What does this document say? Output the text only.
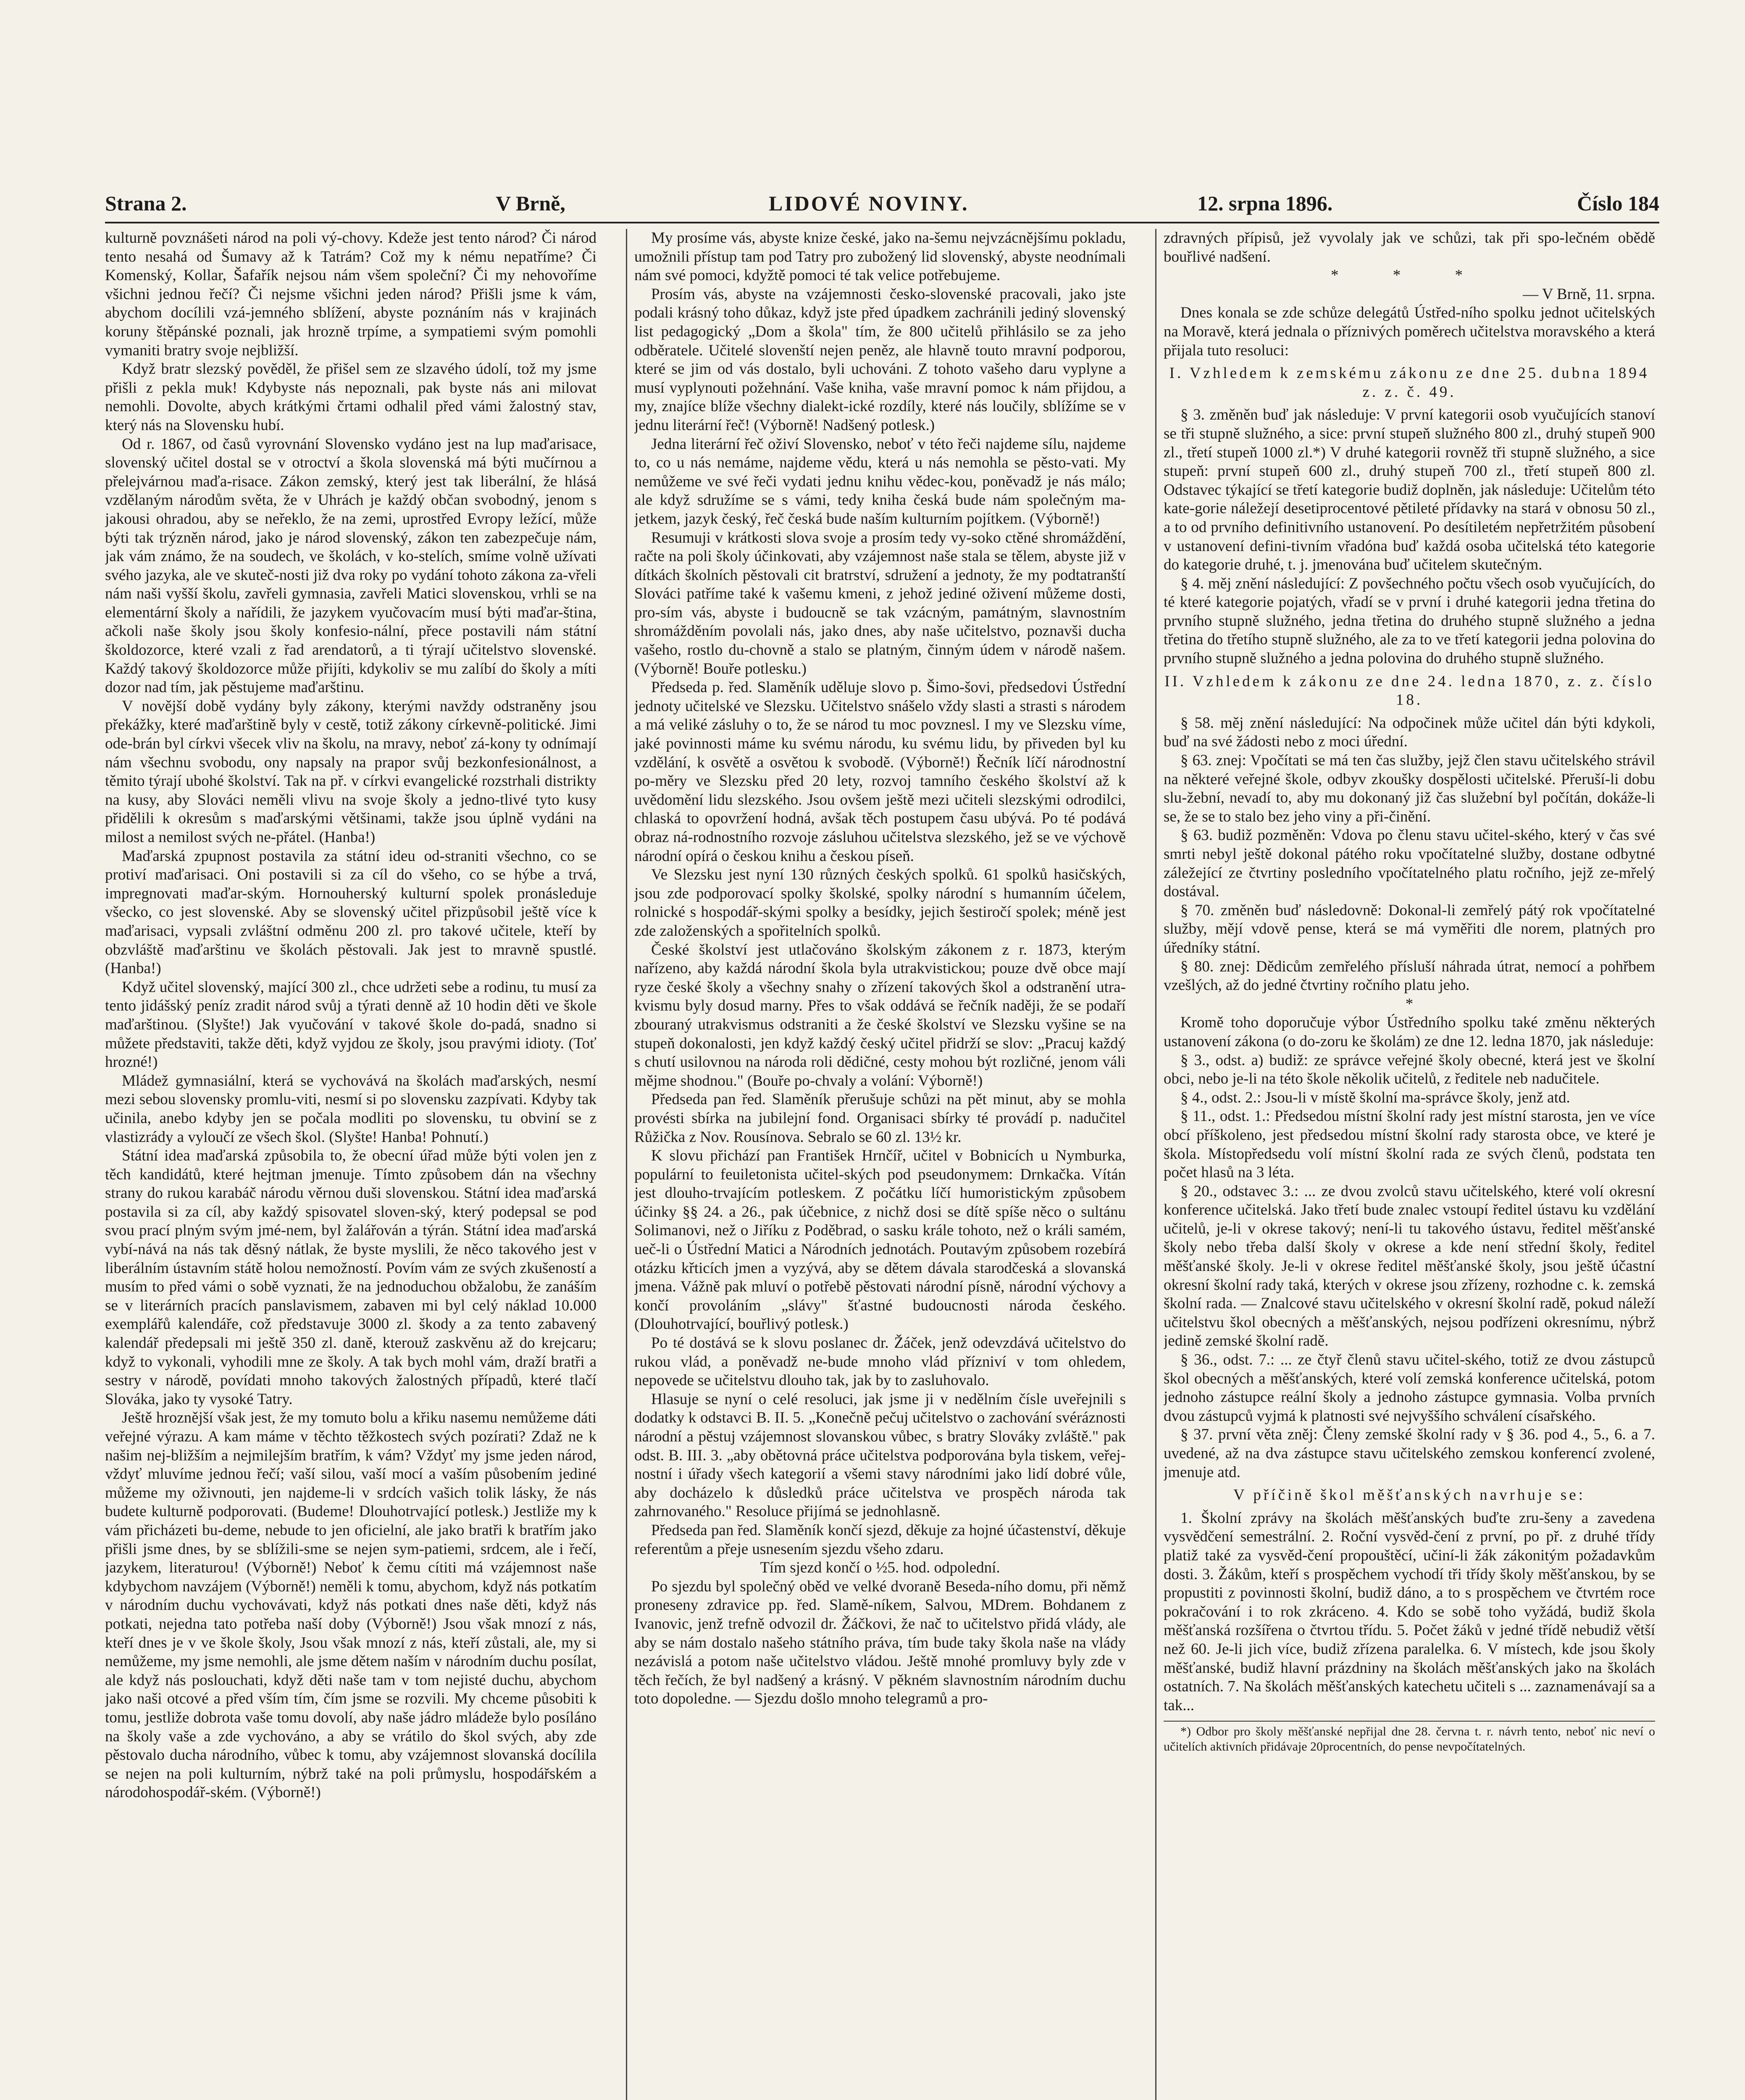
Strana 2.	V Brně,	LIDOVÉ NOVINY.	12. srpna 1896.	Číslo 184

kulturně povznášeti národ na poli vý-chovy. Kdeže jest tento národ? Či národ tento nesahá od Šumavy až k Tatrám? Což my k nému nepatříme? Či Komenský, Kollar, Šafařík nejsou nám všem společní? Či my nehovoříme všichni jednou řečí? Či nejsme všichni jeden národ? Přišli jsme k vám, abychom docílili vzá-jemného sblížení, abyste poznáním nás v krajinách koruny štěpánské poznali, jak hrozně trpíme, a sympatiemi svým pomohli vymaniti bratry svoje nejbližší.

Když bratr slezský pověděl, že přišel sem ze slzavého údolí, tož my jsme přišli z pekla muk! Kdybyste nás nepoznali, pak byste nás ani milovat nemohli. Dovolte, abych krátkými črtami odhalil před vámi žalostný stav, který nás na Slovensku hubí.

Od r. 1867, od časů vyrovnání Slovensko vydáno jest na lup maďarisace, slovenský učitel dostal se v otroctví a škola slovenská má býti mučírnou a přelejvárnou maďa-risace. Zákon zemský, který jest tak liberální, že hlásá vzdělaným národům světa, že v Uhrách je každý občan svobodný, jenom s jakousi ohradou, aby se neřeklo, že na zemi, uprostřed Evropy ležící, může býti tak trýzněn národ, jako je národ slovenský, zákon ten zabezpečuje nám, jak vám známo, že na soudech, ve školách, v ko-stelích, smíme volně užívati svého jazyka, ale ve skuteč-nosti již dva roky po vydání tohoto zákona za-vřeli nám naši vyšší školu, zavřeli gymnasia, zavřeli Matici slovenskou, vrhli se na elementární školy a nařídili, že jazykem vyučovacím musí býti maďar-ština, ačkoli naše školy jsou školy konfesio-nální, přece postavili nám státní školdozorce, které vzali z řad arendatorů, a ti týrají učitelstvo slovenské. Každý takový školdozorce může přijíti, kdykoliv se mu zalíbí do školy a míti dozor nad tím, jak pěstujeme maďarštinu.

V novější době vydány byly zákony, kterými navždy odstraněny jsou překážky, které maďarštině byly v cestě, totiž zákony církevně-politické. Jimi ode-brán byl církvi všecek vliv na školu, na mravy, neboť zá-kony ty odnímají nám všechnu svobodu, ony napsaly na prapor svůj bezkonfesionálnost, a těmito týrají ubohé školství. Tak na př. v církvi evangelické rozstrhali distrikty na kusy, aby Slováci neměli vlivu na svoje školy a jedno-tlivé tyto kusy přidělili k okresům s maďarskými většinami, takže jsou úplně vydáni na milost a nemilost svých ne-přátel. (Hanba!)

Maďarská zpupnost postavila za státní ideu od-straniti všechno, co se protiví maďarisaci. Oni postavili si za cíl do všeho, co se hýbe a trvá, impregnovati maďar-ským. Hornouherský kulturní spolek pronásleduje všecko, co jest slovenské. Aby se slovenský učitel přizpůsobil ještě více k maďarisaci, vypsali zvláštní odměnu 200 zl. pro takové učitele, kteří by obzvláště maďarštinu ve školách pěstovali. Jak jest to mravně spustlé. (Hanba!)

Když učitel slovenský, mající 300 zl., chce udržeti sebe a rodinu, tu musí za tento jidášský peníz zradit národ svůj a týrati denně až 10 hodin děti ve škole maďarštinou. (Slyšte!) Jak vyučování v takové škole do-padá, snadno si můžete představiti, takže děti, když vyjdou ze školy, jsou pravými idioty. (Toť hrozné!)

Mládež gymnasiální, která se vychovává na školách maďarských, nesmí mezi sebou slovensky promlu-viti, nesmí si po slovensku zazpívati. Kdyby tak učinila, anebo kdyby jen se počala modliti po slovensku, tu obviní se z vlastizrády a vyloučí ze všech škol. (Slyšte! Hanba! Pohnutí.)

Státní idea maďarská způsobila to, že obecní úřad může býti volen jen z těch kandidátů, které hejtman jmenuje. Tímto způsobem dán na všechny strany do rukou karabáč národu věrnou duši slovenskou. Státní idea maďarská postavila si za cíl, aby každý spisovatel sloven-ský, který podepsal se pod svou prací plným svým jmé-nem, byl žalářován a týrán. Státní idea maďarská vybí-nává na nás tak děsný nátlak, že byste myslili, že něco takového jest v liberálním ústavním státě holou nemožností. Povím vám ze svých zkušeností a musím to před vámi o sobě vyznati, že na jednoduchou obžalobu, že zanáším se v literárních pracích panslavismem, zabaven mi byl celý náklad 10.000 exemplářů kalendáře, což představuje 3000 zl. škody a za tento zabavený kalendář předepsali mi ještě 350 zl. daně, kterouž zaskvěnu až do krejcaru; když to vykonali, vyhodili mne ze školy. A tak bych mohl vám, draží bratři a sestry v národě, povídati mnoho takových žalostných případů, které tlačí Slováka, jako ty vysoké Tatry.

Ještě hroznější však jest, že my tomuto bolu a křiku nasemu nemůžeme dáti veřejné výrazu. A kam máme v těchto těžkostech svých pozírati? Zdaž ne k našim nej-bližším a nejmilejším bratřím, k vám? Vždyť my jsme jeden národ, vždyť mluvíme jednou řečí; vaší silou, vaší mocí a vaším působením jediné můžeme my oživnouti, jen najdeme-li v srdcích vašich tolik lásky, že nás budete kulturně podporovati. (Budeme! Dlouhotrvající potlesk.) Jestliže my k vám přicházeti bu-deme, nebude to jen oficielní, ale jako bratři k bratřím jako přišli jsme dnes, by se sblížili-sme se nejen sym-patiemi, srdcem, ale i řečí, jazykem, literaturou! (Výborně!) Neboť k čemu cítiti má vzájemnost naše kdybychom navzájem (Výborně!) neměli k tomu, abychom, když nás potkatím v národním duchu vychovávati, když nás potkati dnes naše děti, když nás potkati, nejedna tato potřeba naší doby (Výborně!) Jsou však mnozí z nás, kteří dnes je v ve škole školy, Jsou však mnozí z nás, kteří zůstali, ale, my si nemůžeme, my jsme nemohli, ale jsme dětem naším v národním duchu posílat, ale když nás poslouchati, když děti naše tam v tom nejisté duchu, abychom jako naši otcové a před vším tím, čím jsme se rozvili. My chceme působiti k tomu, jestliže dobrota vaše tomu dovolí, aby naše jádro mládeže bylo posíláno na školy vaše a zde vychováno, a aby se vrátilo do škol svých, aby zde pěstovalo ducha národního, vůbec k tomu, aby vzájemnost slovanská docílila se nejen na poli kulturním, nýbrž také na poli průmyslu, hospodářském a národohospodář-ském. (Výborně!)

My prosíme vás, abyste knize české, jako na-šemu nejvzácnějšímu pokladu, umožnili přístup tam pod Tatry pro zubožený lid slovenský, abyste neodnímali nám své pomoci, kdyžtě pomoci té tak velice potřebujeme.

Prosím vás, abyste na vzájemnosti česko-slovenské pracovali, jako jste podali krásný toho důkaz, když jste před úpadkem zachránili jediný slovenský list pedagogický „Dom a škola" tím, že 800 učitelů přihlásilo se za jeho odběratele. Učitelé slovenští nejen peněz, ale hlavně touto mravní podporou, které se jim od vás dostalo, byli uchováni. Z tohoto vašeho daru vyplyne a musí vyplynouti požehnání. Vaše kniha, vaše mravní pomoc k nám přijdou, a my, znajíce blíže všechny dialekt-ické rozdíly, které nás loučily, sblížíme se v jednu literární řeč! (Výborně! Nadšený potlesk.)

Jedna literární řeč oživí Slovensko, neboť v této řeči najdeme sílu, najdeme to, co u nás nemáme, najdeme vědu, která u nás nemohla se pěsto-vati. My nemůžeme ve své řeči vydati jednu knihu vědec-kou, poněvadž je nás málo; ale když sdružíme se s vámi, tedy kniha česká bude nám společným ma-jetkem, jazyk český, řeč česká bude naším kulturním pojítkem. (Výborně!)

Resumuji v krátkosti slova svoje a prosím tedy vy-soko ctěné shromáždění, račte na poli školy účinkovati, aby vzájemnost naše stala se tělem, abyste již v dítkách školních pěstovali cit bratrství, sdružení a jednoty, že my podtatranští Slováci patříme také k vašemu kmeni, z jehož jediné oživení můžeme dosti, pro-sím vás, abyste i budoucně se tak vzácným, památným, slavnostním shromážděním povolali nás, jako dnes, aby naše učitelstvo, poznavši ducha vašeho, rostlo du-chovně a stalo se platným, činným údem v národě našem. (Výborně! Bouře potlesku.)

Předseda p. řed. Slaměník uděluje slovo p. Šimo-šovi, předsedovi Ústřední jednoty učitelské ve Slezsku. Učitelstvo snášelo vždy slasti a strasti s národem a má veliké zásluhy o to, že se národ tu moc povznesl. I my ve Slezsku víme, jaké povinnosti máme ku svému národu, ku svému lidu, by přiveden byl ku vzdělání, k osvětě a osvětou k svobodě. (Výborně!) Řečník líčí národnostní po-měry ve Slezsku před 20 lety, rozvoj tamního českého školství až k uvědomění lidu slezského. Jsou ovšem ještě mezi učiteli slezskými odrodilci, chlaská to opovržení hodná, avšak těch postupem času ubývá. Po té podává obraz ná-rodnostního rozvoje zásluhou učitelstva slezského, jež se ve výchově národní opírá o českou knihu a českou píseň.

Ve Slezsku jest nyní 130 různých českých spolků. 61 spolků hasičských, jsou zde podporovací spolky školské, spolky národní s humanním účelem, rolnické s hospodář-skými spolky a besídky, jejich šestiročí spolek; méně jest zde založenských a spořitelních spolků.

České školství jest utlačováno školským zákonem z r. 1873, kterým nařízeno, aby každá národní škola byla utrakvistickou; pouze dvě obce mají ryze české školy a všechny snahy o zřízení takových škol a odstranění utra-kvismu byly dosud marny. Přes to však oddává se řečník naději, že se podaří zbouraný utrakvismus odstraniti a že české školství ve Slezsku vyšine se na stupeň dokonalosti, jen když každý český učitel přidrží se slov: „Pracuj každý s chutí usilovnou na národa roli dědičné, cesty mohou být rozličné, jenom váli mějme shodnou." (Bouře po-chvaly a volání: Výborně!)

Předseda pan řed. Slaměník přerušuje schůzi na pět minut, aby se mohla provésti sbírka na jubilejní fond. Organisaci sbírky té provádí p. nadučitel Růžička z Nov. Rousínova. Sebralo se 60 zl. 13½ kr.

K slovu přichází pan František Hrnčíř, učitel v Bobnicích u Nymburka, populární to feuiletonista učitel-ských pod pseudonymem: Drnkačka. Vítán jest dlouho-trvajícím potleskem. Z počátku líčí humoristickým způsobem účinky §§ 24. a 26., pak účebnice, z nichž dosi se dítě spíše něco o sultánu Solimanovi, než o Jiříku z Poděbrad, o sasku krále tohoto, než o králi samém, ueč-li o Ústřední Matici a Národních jednotách. Poutavým způsobem rozebírá otázku křticích jmen a vyzývá, aby se dětem dávala starodčeská a slovanská jmena. Vážně pak mluví o potřebě pěstovati národní písně, národní výchovy a končí provoláním „slávy" šťastné budoucnosti národa českého. (Dlouhotrvající, bouřlivý potlesk.)

Po té dostává se k slovu poslanec dr. Žáček, jenž odevzdává učitelstvo do rukou vlád, a poněvadž ne-bude mnoho vlád přízniví v tom ohledem, nepovede se učitelstvu dlouho tak, jak by to zasluhovalo.

Hlasuje se nyní o celé resoluci, jak jsme ji v nedělním čísle uveřejnili s dodatky k odstavci B. II. 5. „Konečně pečuj učitelstvo o zachování svéráznosti národní a pěstuj vzájemnost slovanskou vůbec, s bratry Slováky zvláště." pak odst. B. III. 3. „aby obětovná práce učitelstva podporována byla tiskem, veřej-nostní i úřady všech kategorií a všemi stavy národními jako lidí dobré vůle, aby docházelo k důsledků práce učitelstva ve prospěch národa tak zahrnovaného." Resoluce přijímá se jednohlasně.

Předseda pan řed. Slaměník končí sjezd, děkuje za hojné účastenství, děkuje referentům a přeje usnesením sjezdu všeho zdaru.

Tím sjezd končí o ½5. hod. odpolední.

Po sjezdu byl společný oběd ve velké dvoraně Beseda-ního domu, při němž proneseny zdravice pp. řed. Slamě-níkem, Salvou, MDrem. Bohdanem z Ivanovic, jenž trefně odvozil dr. Žáčkovi, že nač to učitelstvo přidá vlády, ale aby se nám dostalo našeho státního práva, tím bude taky škola naše na vlády nezávislá a potom naše učitelstvo vládou. Ještě mnohé promluvy byly zde v těch řečích, že byl nadšený a krásný. V pěkném slavnostním národním duchu toto dopoledne. — Sjezdu došlo mnoho telegramů a pro-

zdravných přípisů, jež vyvolaly jak ve schůzi, tak při spo-lečném obědě bouřlivé nadšení.

* * *

— V Brně, 11. srpna.

Dnes konala se zde schůze delegátů Ústřed-ního spolku jednot učitelských na Moravě, která jednala o příznivých poměrech učitelstva moravského a která přijala tuto resoluci:

I. Vzhledem k zemskému zákonu ze dne 25. dubna 1894 z. z. č. 49.

§ 3. změněn buď jak následuje: V první kategorii osob vyučujících stanoví se tři stupně služného, a sice: první stupeň služného 800 zl., druhý stupeň 900 zl., třetí stupeň 1000 zl.*) V druhé kategorii rovněž tři stupně služného, a sice stupeň: první stupeň 600 zl., druhý stupeň 700 zl., třetí stupeň 800 zl. Odstavec týkající se třetí kategorie budiž doplněn, jak následuje: Učitelům této kate-gorie náležejí desetiprocentové pětileté přídavky na stará v obnosu 50 zl., a to od prvního definitivního ustanovení. Po desítiletém nepřetržitém působení v ustanovení defini-tivním vřadóna buď každá osoba učitelská této kategorie do kategorie druhé, t. j. jmenována buď učitelem skutečným.

§ 4. měj znění následující: Z povšechného počtu všech osob vyučujících, do té které kategorie pojatých, vřadí se v první i druhé kategorii jedna třetina do prvního stupně služného, jedna třetina do druhého stupně služného a jedna třetina do třetího stupně služného, ale za to ve třetí kategorii jedna polovina do prvního stupně služného a jedna polovina do druhého stupně služného.

II. Vzhledem k zákonu ze dne 24. ledna 1870, z. z. číslo 18.

§ 58. měj znění následující: Na odpočinek může učitel dán býti kdykoli, buď na své žádosti nebo z moci úřední.

§ 63. znej: Vpočítati se má ten čas služby, jejž člen stavu učitelského strávil na některé veřejné škole, odbyv zkoušky dospělosti učitelské. Přeruší-li dobu slu-žební, nevadí to, aby mu dokonaný již čas služební byl počítán, dokáže-li se, že se to stalo bez jeho viny a při-činění.

§ 63. budiž pozměněn: Vdova po členu stavu učitel-ského, který v čas své smrti nebyl ještě dokonal pátého roku vpočítatelné služby, dostane odbytné záležející ze čtvrtiny posledního vpočítatelného platu ročního, jejž ze-mřelý dostával.

§ 70. změněn buď následovně: Dokonal-li zemřelý pátý rok vpočítatelné služby, mějí vdově pense, která se má vyměřiti dle norem, platných pro úředníky státní.

§ 80. znej: Dědicům zemřelého přísluší náhrada útrat, nemocí a pohřbem vzešlých, až do jedné čtvrtiny ročního platu jeho.

*

Kromě toho doporučuje výbor Ústředního spolku také změnu některých ustanovení zákona (o do-zoru ke školám) ze dne 12. ledna 1870, jak následuje:

§ 3., odst. a) budiž: ze správce veřejné školy obecné, která jest ve školní obci, nebo je-li na této škole několik učitelů, z ředitele neb nadučitele.

§ 4., odst. 2.: Jsou-li v místě školní ma-správce školy, jenž atd.

§ 11., odst. 1.: Předsedou místní školní rady jest místní starosta, jen ve více obcí příškoleno, jest předsedou místní školní rady starosta obce, ve které je škola. Místopředsedu volí místní školní rada ze svých členů, podstata ten počet hlasů na 3 léta.

§ 20., odstavec 3.: ... ze dvou zvolců stavu učitelského, které volí okresní konference učitelská. Jako třetí bude znalec vstoupí ředitel ústavu ku vzdělání učitelů, je-li v okrese takový; není-li tu takového ústavu, ředitel měšťanské školy nebo třeba další školy v okrese a kde není střední školy, ředitel měšťanské školy. Je-li v okrese ředitel měšťanské školy, jsou ještě účastní okresní školní rady taká, kterých v okrese jsou zřízeny, rozhodne c. k. zemská školní rada. — Znalcové stavu učitelského v okresní školní radě, pokud náleží učitelstvu škol obecných a měšťanských, nejsou podřízeni okresnímu, nýbrž jedině zemské školní radě.

§ 36., odst. 7.: ... ze čtyř členů stavu učitel-ského, totiž ze dvou zástupců škol obecných a měšťanských, které volí zemská konference učitelská, potom jednoho zástupce reální školy a jednoho zástupce gymnasia. Volba prvních dvou zástupců vyjmá k platnosti své nejvyššího schválení císařského.

§ 37. první věta zněj: Členy zemské školní rady v § 36. pod 4., 5., 6. a 7. uvedené, až na dva zástupce stavu učitelského zemskou konferencí zvolené, jmenuje atd.

V příčině škol měšťanských navrhuje se:

1. Školní zprávy na školách měšťanských buďte zru-šeny a zavedena vysvědčení semestrální. 2. Roční vysvěd-čení z první, po př. z druhé třídy platiž také za vysvěd-čení propouštěcí, učiní-li žák zákonitým požadavkům dosti. 3. Žákům, kteří s prospěchem vychodí tři třídy školy měšťanskou, by se propustiti z povinnosti školní, budiž dáno, a to s prospěchem ve čtvrtém roce pokračování i to rok zkráceno. 4. Kdo se sobě toho vyžádá, budiž škola měšťanská rozšířena o čtvrtou třídu. 5. Počet žáků v jedné třídě nebudiž větší než 60. Je-li jich více, budiž zřízena paralelka. 6. V místech, kde jsou školy měšťanské, budiž hlavní prázdniny na školách měšťanských jako na školách ostatních. 7. Na školách měšťanských katechetu učiteli s ... zaznamenávají sa a tak...

*) Odbor pro školy měšťanské nepřijal dne 28. června t. r. návrh tento, neboť nic neví o učitelích aktivních přidávaje 20procentních, do pense nevpočítatelných.
